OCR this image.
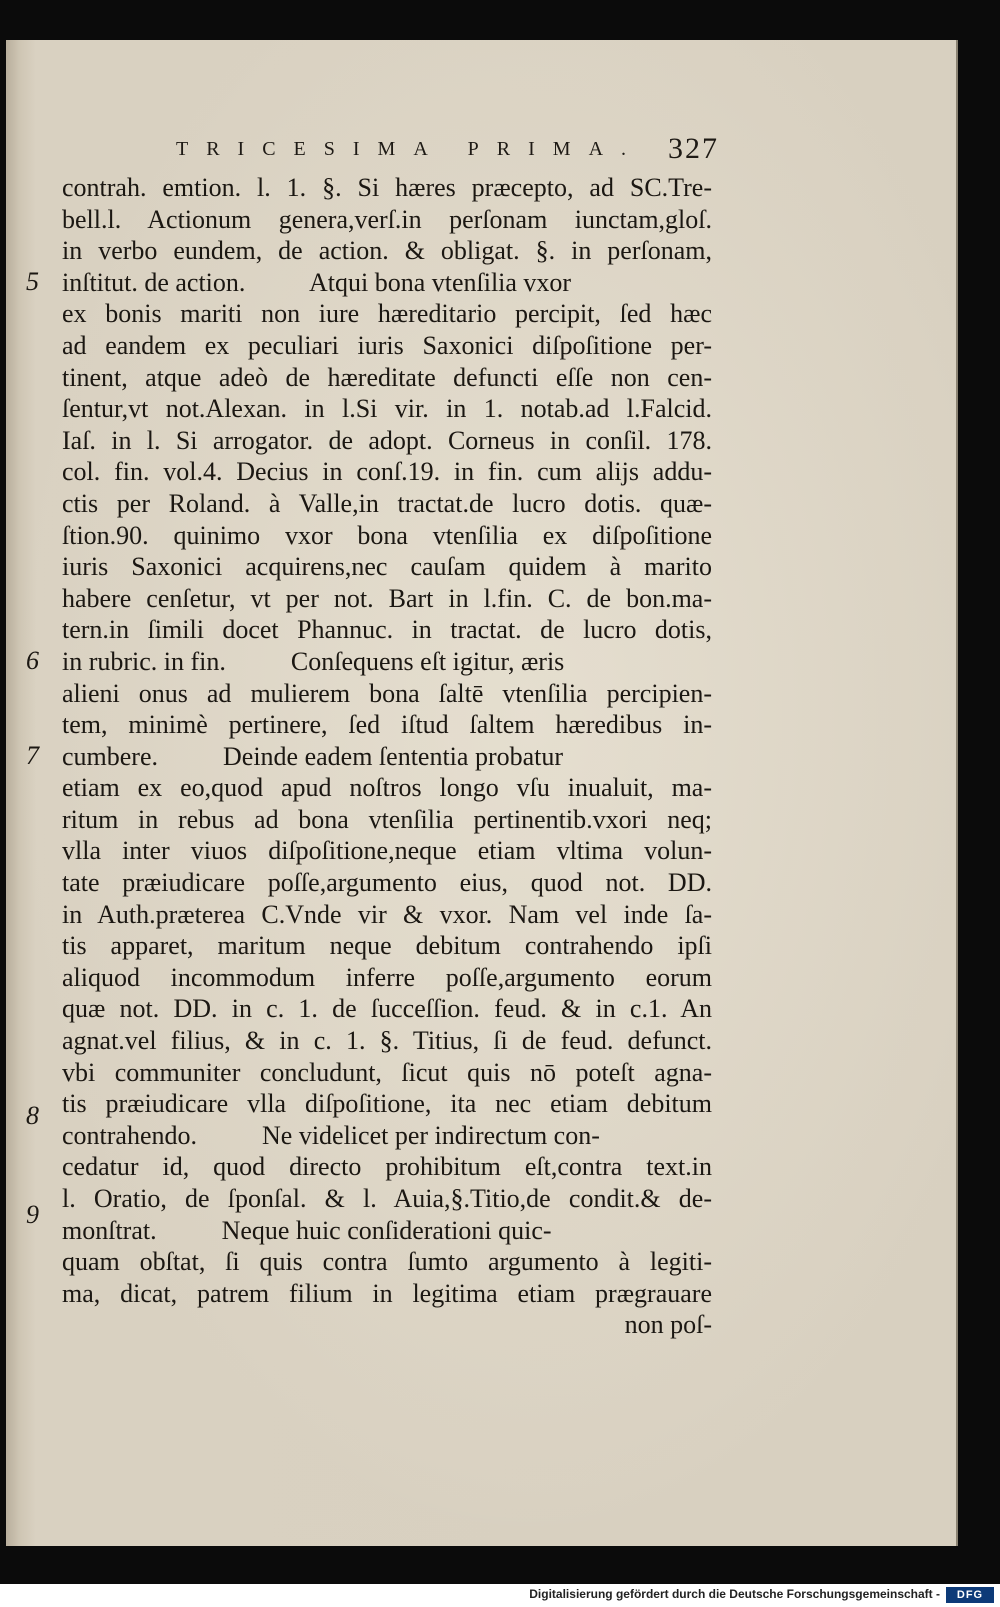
TRICESIMA PRIMA. 327
contrah. emtion. l. 1. §. Si hæres præcepto, ad SC.Tre-
bell.l. Actionum genera,verſ.in perſonam iunctam,gloſ.
in verbo eundem, de action. & obligat. §. in perſonam,
inſtitut. de action.          Atqui bona vtenſilia vxor
ex bonis mariti non iure hæreditario percipit, ſed hæc
ad eandem ex peculiari iuris Saxonici diſpoſitione per-
tinent, atque adeò de hæreditate defuncti eſſe non cen-
ſentur,vt not.Alexan. in l.Si vir. in 1. notab.ad l.Falcid.
Iaſ. in l. Si arrogator. de adopt. Corneus in conſil. 178.
col. fin. vol.4. Decius in conſ.19. in fin. cum alijs addu-
ctis per Roland. à Valle,in tractat.de lucro dotis. quæ-
ſtion.90. quinimo vxor bona vtenſilia ex diſpoſitione
iuris Saxonici acquirens,nec cauſam quidem à marito
habere cenſetur, vt per not. Bart in l.fin. C. de bon.ma-
tern.in ſimili docet Phannuc. in tractat. de lucro dotis,
in rubric. in fin.          Conſequens eſt igitur, æris
alieni onus ad mulierem bona ſaltē vtenſilia percipien-
tem, minimè pertinere, ſed iſtud ſaltem hæredibus in-
cumbere.          Deinde eadem ſententia probatur
etiam ex eo,quod apud noſtros longo vſu inualuit, ma-
ritum in rebus ad bona vtenſilia pertinentib.vxori neq;
vlla inter viuos diſpoſitione,neque etiam vltima volun-
tate præiudicare poſſe,argumento eius, quod not. DD.
in Auth.præterea C.Vnde vir & vxor. Nam vel inde ſa-
tis apparet, maritum neque debitum contrahendo ipſi
aliquod incommodum inferre poſſe,argumento eorum
quæ not. DD. in c. 1. de ſucceſſion. feud. & in c.1. An
agnat.vel filius, & in c. 1. §. Titius, ſi de feud. defunct.
vbi communiter concludunt, ſicut quis nō poteſt agna-
tis præiudicare vlla diſpoſitione, ita nec etiam debitum
contrahendo.          Ne videlicet per indirectum con-
cedatur id, quod directo prohibitum eſt,contra text.in
l. Oratio, de ſponſal. & l. Auia,§.Titio,de condit.& de-
monſtrat.          Neque huic conſiderationi quic-
quam obſtat, ſi quis contra ſumto argumento à legiti-
ma, dicat, patrem filium in legitima etiam prægrauare
non poſ-
5
6
7
8
9
Digitalisierung gefördert durch die Deutsche Forschungsgemeinschaft -	DFG
